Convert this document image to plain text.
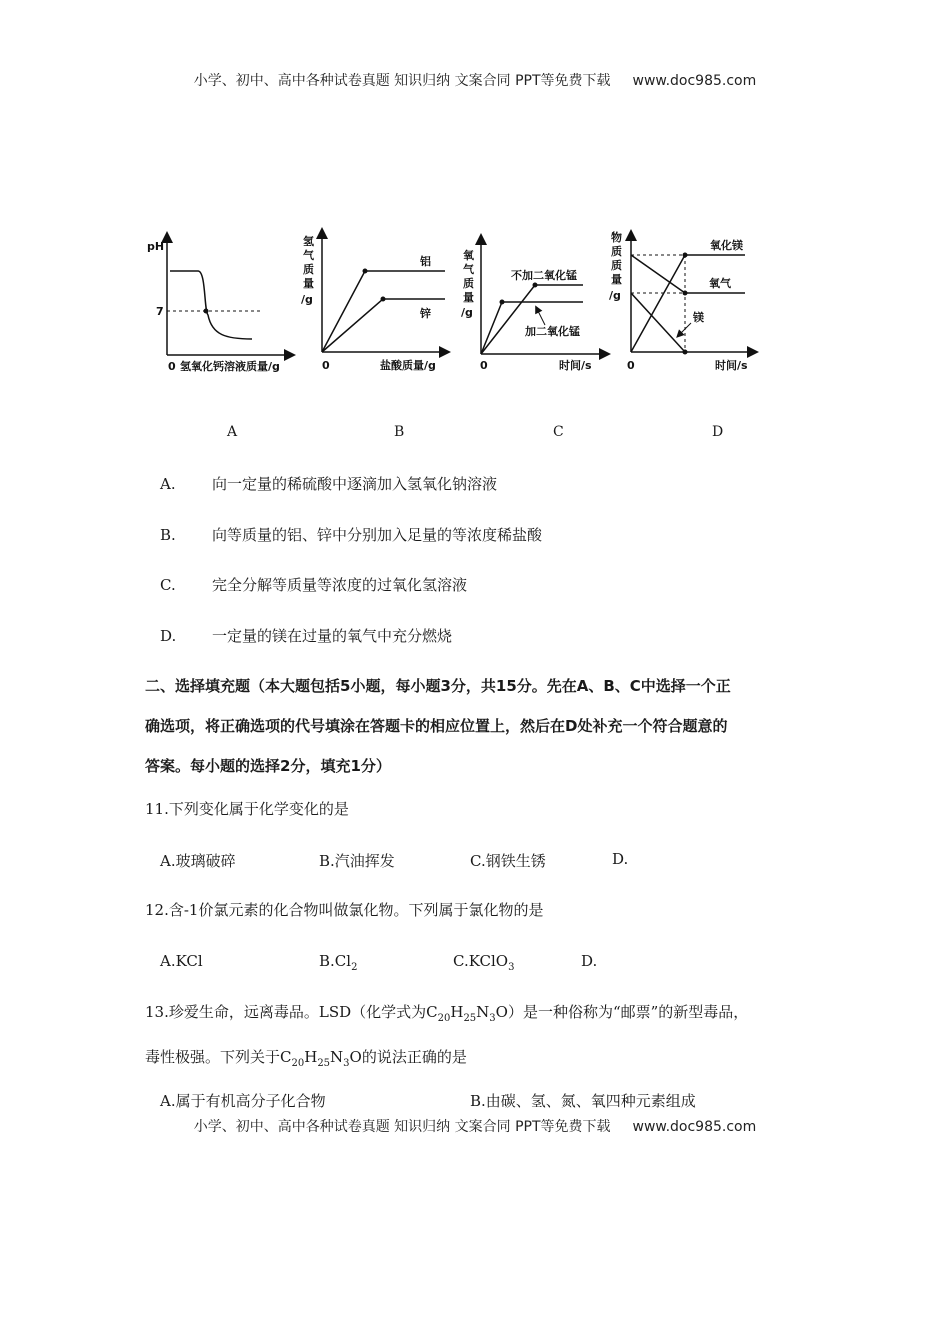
小学、初中、高中各种试卷真题 知识归纳 文案合同 PPT等免费下载 www.doc985.com
pH
7
0 氢氧化钙溶液质量/g
氢
气
质
量
/g
铝
锌
0	盐酸质量/g
氧
气
质
量
/g
不加二氧化锰
加二氧化锰
0	时间/s
物
质
质
量
/g
氧化镁
氧气
镁
0	时间/s
A	B	C	D
A. 向一定量的稀硫酸中逐滴加入氢氧化钠溶液
B. 向等质量的铝、锌中分别加入足量的等浓度稀盐酸
C. 完全分解等质量等浓度的过氧化氢溶液
D. 一定量的镁在过量的氧气中充分燃烧
二、选择填充题（本大题包括5小题，每小题3分，共15分。先在A、B、C中选择一个正
确选项，将正确选项的代号填涂在答题卡的相应位置上，然后在D处补充一个符合题意的
答案。每小题的选择2分，填充1分）
11.下列变化属于化学变化的是
A.玻璃破碎	B.汽油挥发	C.钢铁生锈	D.
12.含-1价氯元素的化合物叫做氯化物。下列属于氯化物的是
A.KCl	$B.Cl_2$	C.KClO$_3$	D.
13.珍爱生命，远离毒品。LSD（化学式为$C_{20}H_{25}N_3O$）是一种俗称为“邮票”的新型毒品，
毒性极强。下列关于$C_{20}H_{25}N_3O$的说法正确的是
A.属于有机高分子化合物	B.由碳、氢、氮、氧四种元素组成
小学、初中、高中各种试卷真题 知识归纳 文案合同 PPT等免费下载 www.doc985.com
